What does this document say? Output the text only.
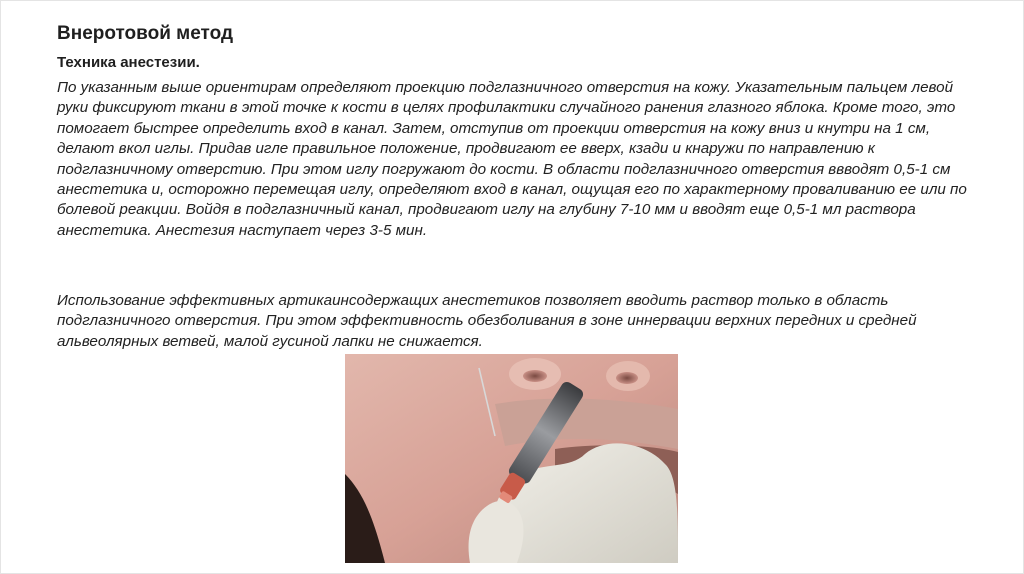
Внеротовой метод
Техника анестезии.

По указанным выше ориентирам определяют проекцию подглазничного отверстия на кожу. Указательным пальцем левой руки фиксируют ткани в этой точке к кости в целях профилактики случайного ранения глазного яблока. Кроме того, это помогает быстрее определить вход в канал. Затем, отступив от проекции отверстия на кожу вниз и кнутри на 1 см, делают вкол иглы. Придав игле правильное положение, продвигают ее вверх, кзади и кнаружи по направлению к подглазничному отверстию. При этом иглу погружают до кости. В области подглазничного отверстия ввводят 0,5-1 см анестетика и, осторожно перемещая иглу, определяют вход в канал, ощущая его по характерному проваливанию ее или по болевой реакции. Войдя в подглазничный канал, продвигают иглу на глубину 7-10 мм и вводят еще 0,5-1 мл раствора анестетика. Анестезия наступает через 3-5 мин.

Использование эффективных артикаинсодержащих анестетиков позволяет вводить раствор только в область подглазничного отверстия. При этом эффективность обезболивания в зоне иннервации верхних передних и средней альвеолярных ветвей, малой гусиной лапки не снижается.
